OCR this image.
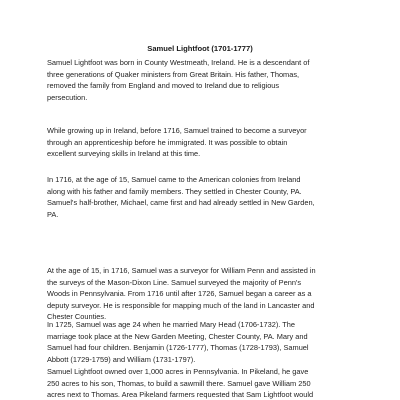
Samuel Lightfoot (1701-1777)

Samuel Lightfoot was born in County Westmeath, Ireland. He is a descendant of
three generations of Quaker ministers from Great Britain. His father, Thomas,
removed the family from England and moved to Ireland due to religious
persecution.

While growing up in Ireland, before 1716, Samuel trained to become a surveyor
through an apprenticeship before he immigrated. It was possible to obtain
excellent surveying skills in Ireland at this time.

In 1716, at the age of 15, Samuel came to the American colonies from Ireland
along with his father and family members. They settled in Chester County, PA.
Samuel's half-brother, Michael, came first and had already settled in New Garden,
PA.

At the age of 15, in 1716, Samuel was a surveyor for William Penn and assisted in
the surveys of the Mason-Dixon Line. Samuel surveyed the majority of Penn's
Woods in Pennsylvania. From 1716 until after 1726, Samuel began a career as a
deputy surveyor. He is responsible for mapping much of the land in Lancaster and
Chester Counties.

In 1725, Samuel was age 24 when he married Mary Head (1706-1732). The
marriage took place at the New Garden Meeting, Chester County, PA. Mary and
Samuel had four children. Benjamin (1726-1777), Thomas (1728-1793), Samuel
Abbott (1729-1759) and William (1731-1797).

Samuel Lightfoot owned over 1,000 acres in Pennsylvania. In Pikeland, he gave
250 acres to his son, Thomas, to build a sawmill there. Samuel gave William 250
acres next to Thomas. Area Pikeland farmers requested that Sam Lightfoot would
